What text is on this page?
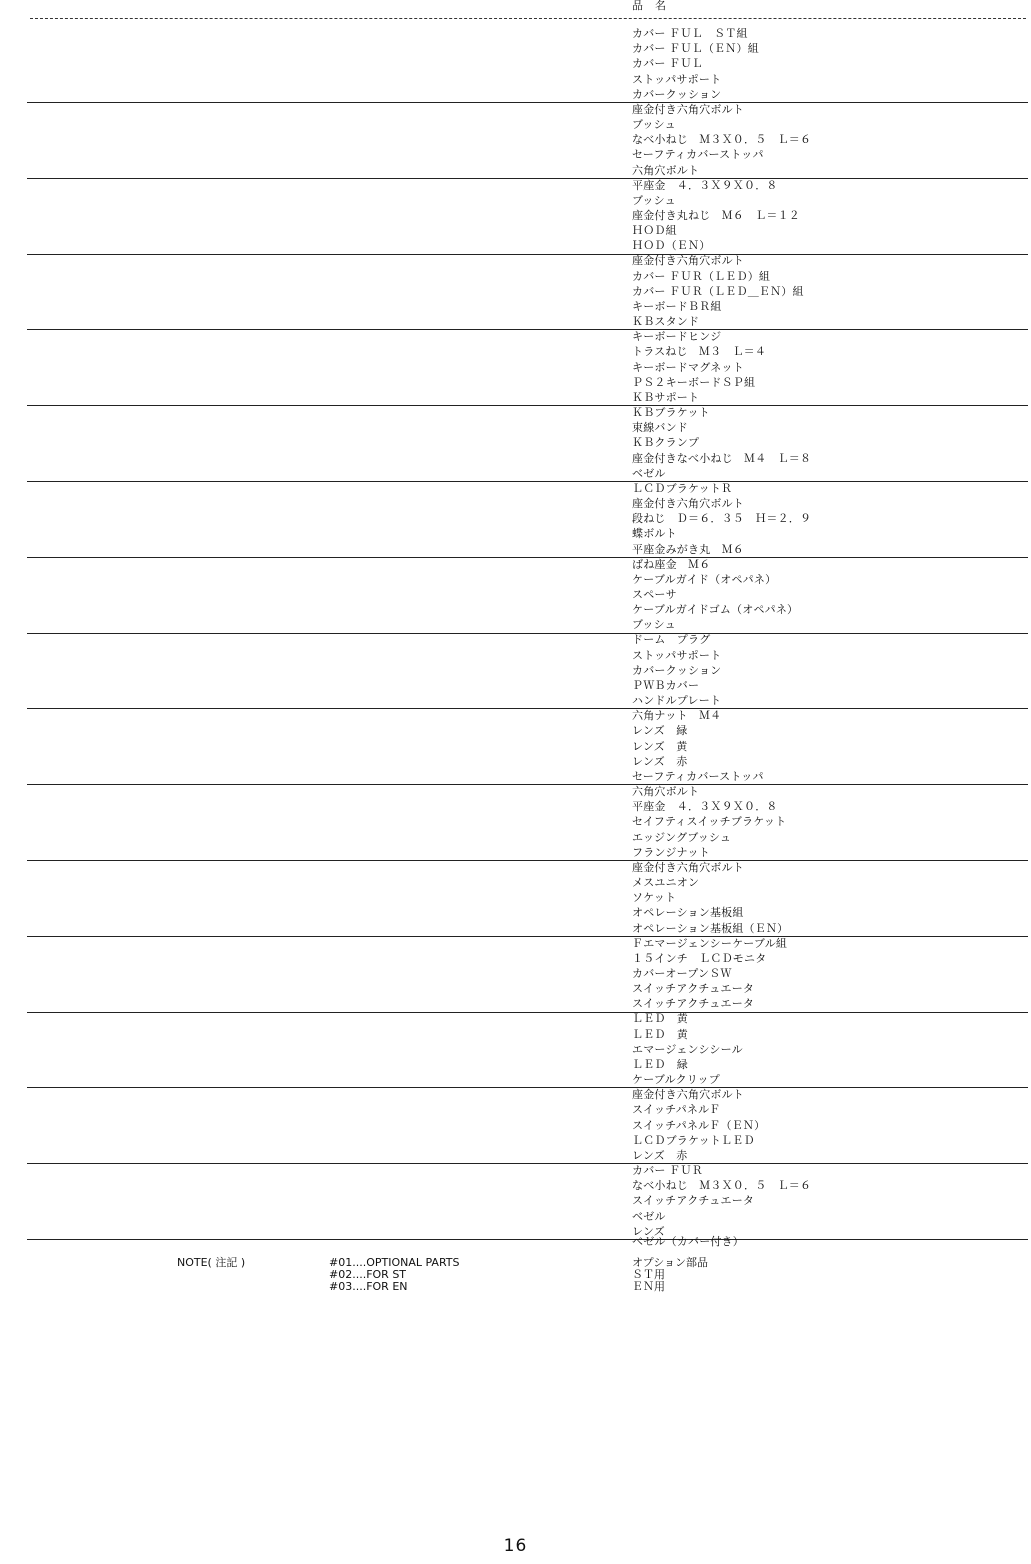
品　名
カバー ＦＵＬ　ＳＴ組
カバー ＦＵＬ（ＥＮ）組
カバー ＦＵＬ
ストッパサポート
カバークッション
座金付き六角穴ボルト
ブッシュ
なべ小ねじ　Ｍ３Ｘ０．５　Ｌ＝６
セーフティカバーストッパ
六角穴ボルト
平座金　４．３Ｘ９Ｘ０．８
ブッシュ
座金付き丸ねじ　Ｍ６　Ｌ＝１２
ＨＯＤ組
ＨＯＤ（ＥＮ）
座金付き六角穴ボルト
カバー ＦＵＲ（ＬＥＤ）組
カバー ＦＵＲ（ＬＥＤ＿ＥＮ）組
キーボードＢＲ組
ＫＢスタンド
キーボードヒンジ
トラスねじ　Ｍ３　Ｌ＝４
キーボードマグネット
ＰＳ２キーボードＳＰ組
ＫＢサポート
ＫＢブラケット
束線バンド
ＫＢクランプ
座金付きなべ小ねじ　Ｍ４　Ｌ＝８
ベゼル
ＬＣＤブラケットＲ
座金付き六角穴ボルト
段ねじ　Ｄ＝６．３５　Ｈ＝２．９
蝶ボルト
平座金みがき丸　Ｍ６
ばね座金　Ｍ６
ケーブルガイド（オペパネ）
スペーサ
ケーブルガイドゴム（オペパネ）
ブッシュ
ドーム　プラグ
ストッパサポート
カバークッション
ＰＷＢカバー
ハンドルプレート
六角ナット　Ｍ４
レンズ　緑
レンズ　黄
レンズ　赤
セーフティカバーストッパ
六角穴ボルト
平座金　４．３Ｘ９Ｘ０．８
セイフティスイッチブラケット
エッジングブッシュ
フランジナット
座金付き六角穴ボルト
メスユニオン
ソケット
オペレーション基板組
オペレーション基板組（ＥＮ）
Ｆエマージェンシーケーブル組
１５インチ　ＬＣＤモニタ
カバーオープンＳＷ
スイッチアクチュエータ
スイッチアクチュエータ
ＬＥＤ　黄
ＬＥＤ　黄
エマージェンシシール
ＬＥＤ　緑
ケーブルクリップ
座金付き六角穴ボルト
スイッチパネルＦ
スイッチパネルＦ（ＥＮ）
ＬＣＤブラケットＬＥＤ
レンズ　赤
カバー ＦＵＲ
なべ小ねじ　Ｍ３Ｘ０．５　Ｌ＝６
スイッチアクチュエータ
ベゼル
レンズ
ベゼル（カバー付き）
NOTE( 注記 )	#01....OPTIONAL PARTS
#02....FOR ST
#03....FOR EN
オプション部品
ＳＴ用
ＥＮ用
16
